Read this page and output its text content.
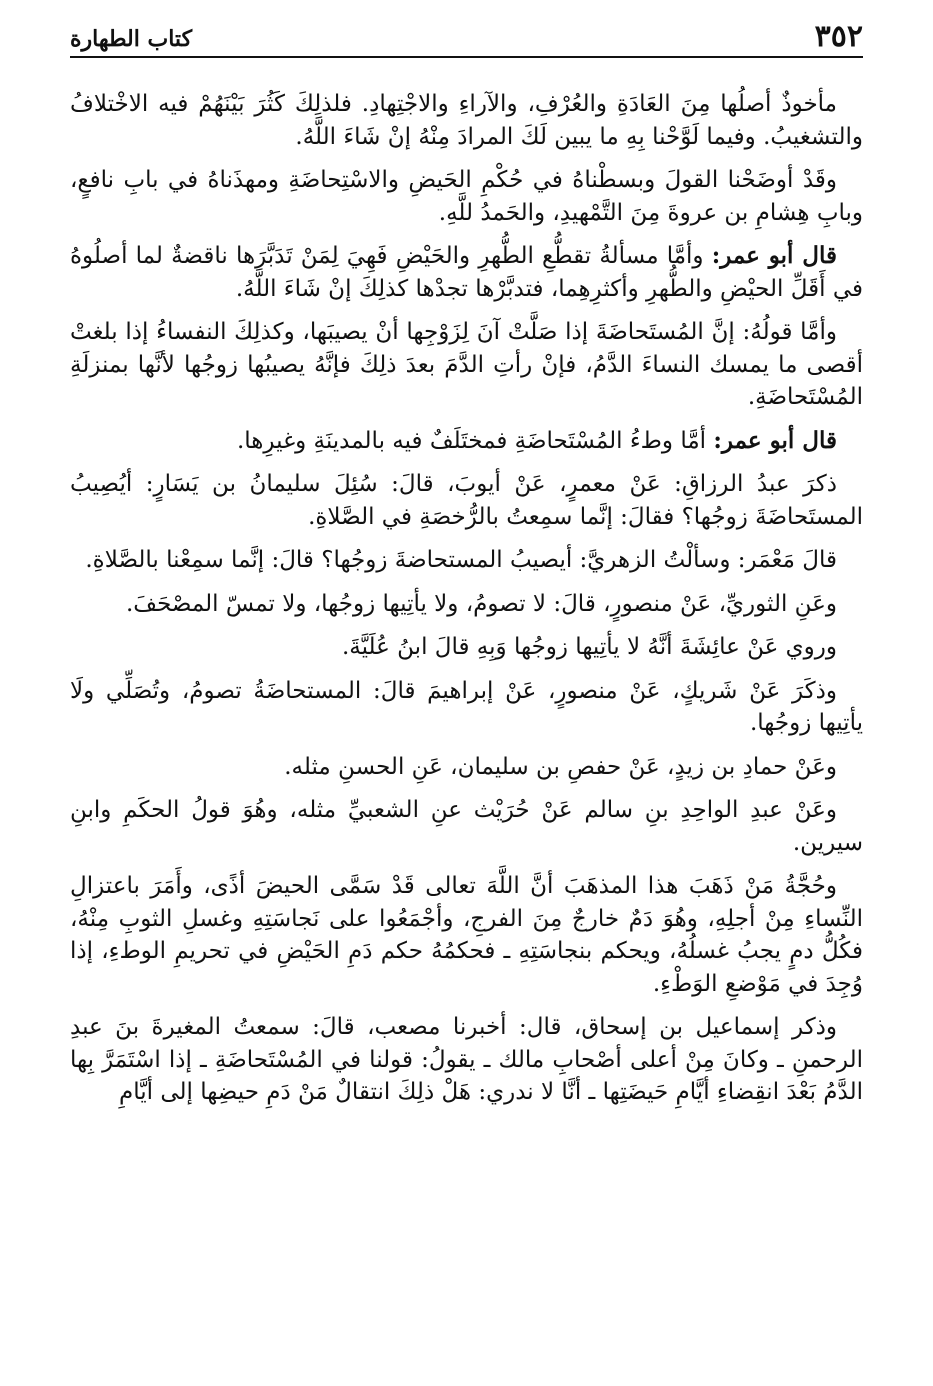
٣٥٢
كتاب الطهارة

مأخوذٌ أصلُها مِنَ العَادَةِ والعُرْفِ، والآراءِ والاجْتِهادِ. فلذلِكَ كَثُرَ بَيْنَهُمْ فيه الاخْتلافُ والتشغيبُ. وفيما لَوَّحْنا بِهِ ما يبين لَكَ المرادَ مِنْهُ إنْ شَاءَ اللَّهُ.

وقَدْ أوضَحْنا القولَ وبسطْناهُ في حُكْمِ الحَيضِ والاسْتِحاضَةِ ومهذَناهُ في بابِ نافعٍ، وبابِ هِشامِ بن عروةَ مِنَ التَّمْهيدِ، والحَمدُ للَّهِ.

قال أبو عمر: وأمَّا مسألةُ تقطُّعِ الطُّهرِ والحَيْضِ فَهِيَ لِمَنْ تَدَبَّرَها ناقضةٌ لما أصلُوهُ في أَقَلِّ الحيْضِ والطُّهرِ وأكثرِهِما، فتدبَّرْها تجدْها كذلِكَ إنْ شَاءَ اللَّهُ.

وأمَّا قولُهُ: إنَّ المُستَحاضَةَ إذا صَلَّتْ آنَ لِزَوْجِها أنْ يصيبَها، وكذلِكَ النفساءُ إذا بلغتْ أقصى ما يمسك النساءَ الدَّمُ، فإنْ رأتِ الدَّمَ بعدَ ذلِكَ فإنَّهُ يصيبُها زوجُها لأنَّها بمنزلَةِ المُسْتَحاضَةِ.

قال أبو عمر: أمَّا وطءُ المُسْتَحاضَةِ فمختَلَفٌ فيه بالمدينَةِ وغيرِها.

ذكرَ عبدُ الرزاقِ: عَنْ معمرٍ، عَنْ أيوبَ، قالَ: سُئِلَ سليمانُ بن يَسَارٍ: أيُصِيبُ المستَحاضَةَ زوجُها؟ فقالَ: إنَّما سمِعتُ بالرُّخصَةِ في الصَّلاةِ.

قالَ مَعْمَر: وسألْتُ الزهريَّ: أيصيبُ المستحاضةَ زوجُها؟ قالَ: إنَّما سمِعْنا بالصَّلاةِ.

وعَنِ الثوريِّ، عَنْ منصورٍ، قالَ: لا تصومُ، ولا يأتِيها زوجُها، ولا تمسّ المصْحَفَ.

وروي عَنْ عائِشَةَ أنَّهُ لا يأتِيها زوجُها وَبِهِ قالَ ابنُ عُلَيَّةَ.

وذكَرَ عَنْ شَريكٍ، عَنْ منصورٍ، عَنْ إبراهيمَ قالَ: المستحاضَةُ تصومُ، وتُصَلِّي ولَا يأتِيها زوجُها.

وعَنْ حمادِ بن زيدٍ، عَنْ حفصِ بن سليمان، عَنِ الحسنِ مثله.

وعَنْ عبدِ الواحِدِ بنِ سالم عَنْ حُرَيْث عنِ الشعبيِّ مثله، وهُوَ قولُ الحكَمِ وابنِ سيرين.

وحُجَّةُ مَنْ ذَهَبَ هذا المذهَبَ أنَّ اللَّهَ تعالى قَدْ سَمَّى الحيضَ أذًى، وأَمَرَ باعتزالِ النِّساءِ مِنْ أجلِهِ، وهُوَ دَمٌ خارجٌ مِنَ الفرجِ، وأجْمَعُوا على نَجاسَتِهِ وغسلِ الثوبِ مِنْهُ، فكُلُّ دمٍ يجبُ غسلُهُ، ويحكم بنجاسَتِهِ ـ فحكمُهُ حكم دَمِ الحَيْضِ في تحريمِ الوطءِ، إذا وُجِدَ في مَوْضعِ الوَطْءِ.

وذكر إسماعيل بن إسحاق، قال: أخبرنا مصعب، قالَ: سمعتُ المغيرةَ بنَ عبدِ الرحمنِ ـ وكانَ مِنْ أعلى أصْحابِ مالك ـ يقولُ: قولنا في المُسْتَحاضَةِ ـ إذا اسْتَمَرَّ بِها الدَّمُ بَعْدَ انقِضاءِ أيَّامِ حَيضَتِها ـ أنَّا لا ندري: هَلْ ذلِكَ انتقالٌ مَنْ دَمِ حيضِها إلى أيَّامِ
